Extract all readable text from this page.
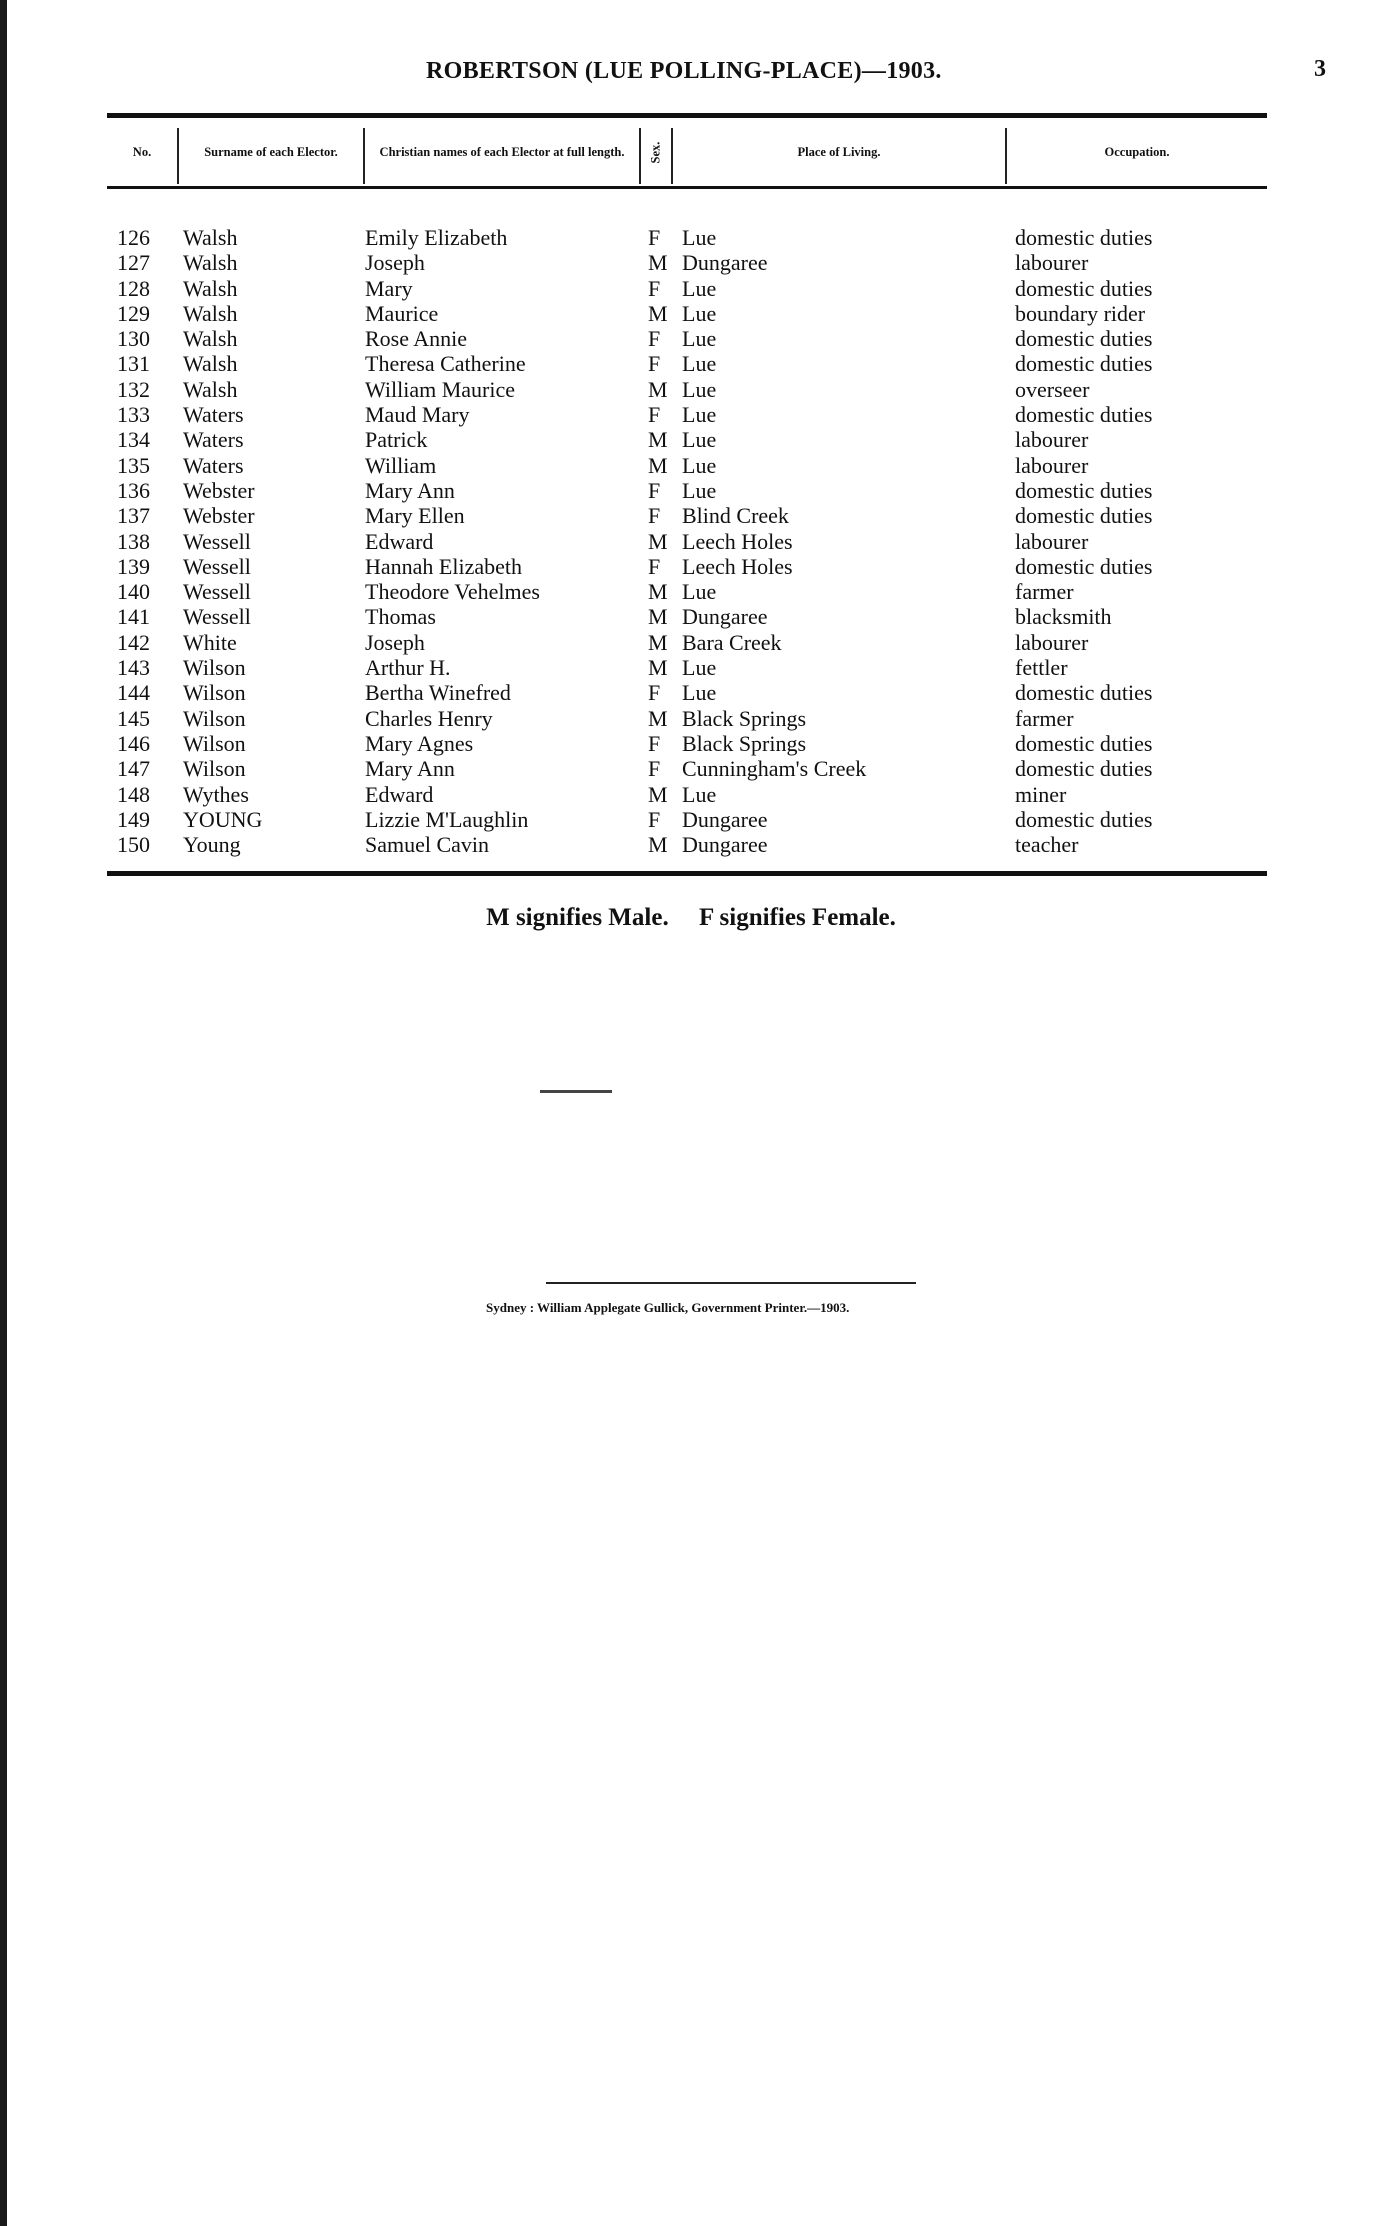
ROBERTSON (LUE POLLING-PLACE)—1903.	3
No.	Surname of each Elector.	Christian names of each Elector at full length.	Sex.	Place of Living.	Occupation.
126 Walsh	Emily Elizabeth	F Lue	domestic duties
127 Walsh	Joseph	M Dungaree	labourer
128 Walsh	Mary	F Lue	domestic duties
129 Walsh	Maurice	M Lue	boundary rider
130 Walsh	Rose Annie	F Lue	domestic duties
131 Walsh	Theresa Catherine	F Lue	domestic duties
132 Walsh	William Maurice	M Lue	overseer
133 Waters	Maud Mary	F Lue	domestic duties
134 Waters	Patrick	M Lue	labourer
135 Waters	William	M Lue	labourer
136 Webster	Mary Ann	F Lue	domestic duties
137 Webster	Mary Ellen	F Blind Creek	domestic duties
138 Wessell	Edward	M Leech Holes	labourer
139 Wessell	Hannah Elizabeth	F Leech Holes	domestic duties
140 Wessell	Theodore Vehelmes	M Lue	farmer
141 Wessell	Thomas	M Dungaree	blacksmith
142 White	Joseph	M Bara Creek	labourer
143 Wilson	Arthur H.	M Lue	fettler
144 Wilson	Bertha Winefred	F Lue	domestic duties
145 Wilson	Charles Henry	M Black Springs	farmer
146 Wilson	Mary Agnes	F Black Springs	domestic duties
147 Wilson	Mary Ann	F Cunningham's Creek	domestic duties
148 Wythes	Edward	M Lue	miner
149 YOUNG	Lizzie M'Laughlin	F Dungaree	domestic duties
150 Young	Samuel Cavin	M Dungaree	teacher
M signifies Male. F signifies Female.
Sydney : William Applegate Gullick, Government Printer.—1903.
